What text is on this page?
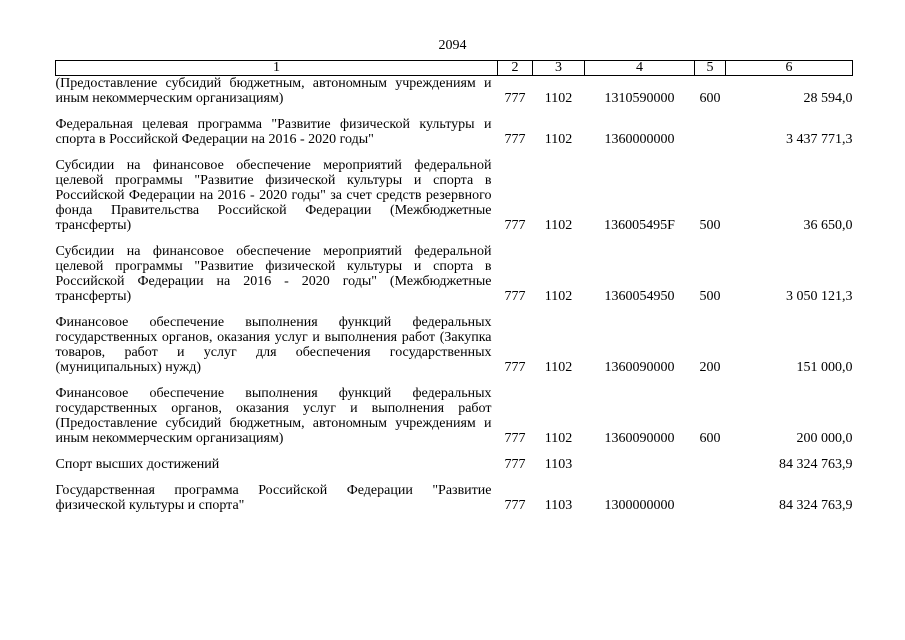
2094
1	2	3	4	5	6
(Предоставление субсидий бюджетным, автономным учреждениям и иным некоммерческим организациям)	777	1102	1310590000	600	28 594,0
Федеральная целевая программа "Развитие физической культуры и спорта в Российской Федерации на 2016 - 2020 годы"	777	1102	1360000000		3 437 771,3
Субсидии на финансовое обеспечение мероприятий федеральной целевой программы "Развитие физической культуры и спорта в Российской Федерации на 2016 - 2020 годы" за счет средств резервного фонда Правительства Российской Федерации (Межбюджетные трансферты)	777	1102	136005495F	500	36 650,0
Субсидии на финансовое обеспечение мероприятий федеральной целевой программы "Развитие физической культуры и спорта в Российской Федерации на 2016 - 2020 годы" (Межбюджетные трансферты)	777	1102	1360054950	500	3 050 121,3
Финансовое обеспечение выполнения функций федеральных государственных органов, оказания услуг и выполнения работ (Закупка товаров, работ и услуг для обеспечения государственных (муниципальных) нужд)	777	1102	1360090000	200	151 000,0
Финансовое обеспечение выполнения функций федеральных государственных органов, оказания услуг и выполнения работ (Предоставление субсидий бюджетным, автономным учреждениям и иным некоммерческим организациям)	777	1102	1360090000	600	200 000,0
Спорт высших достижений	777	1103			84 324 763,9
Государственная программа Российской Федерации "Развитие физической культуры и спорта"	777	1103	1300000000		84 324 763,9
